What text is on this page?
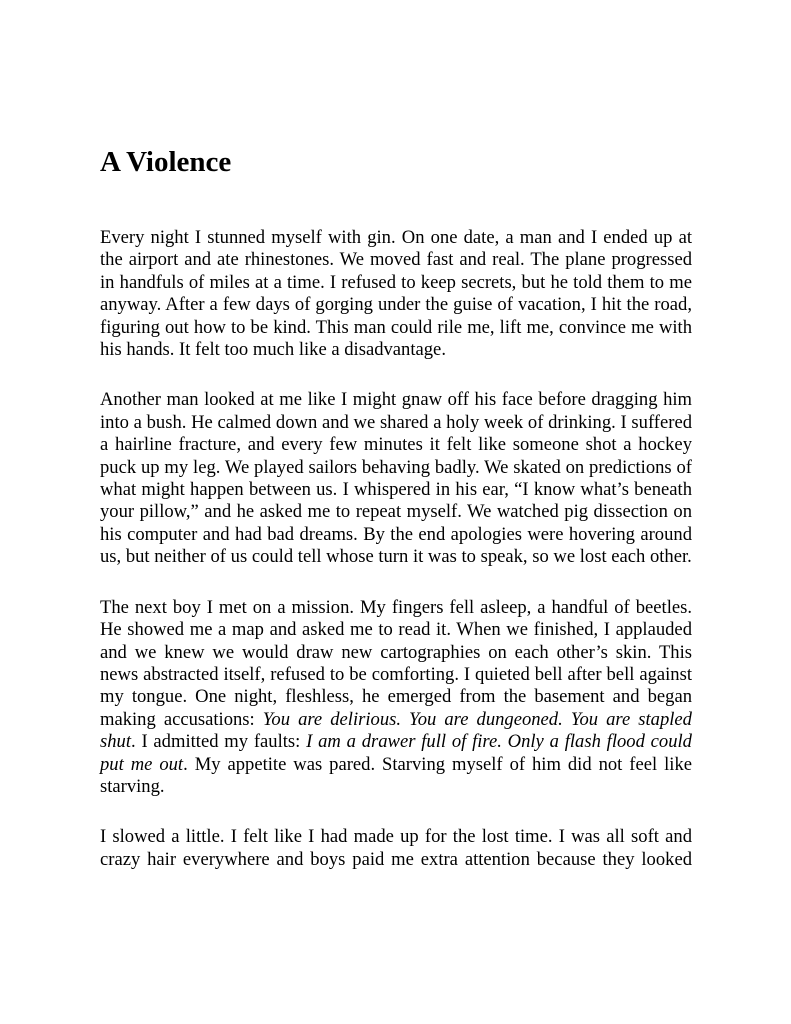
A Violence

Every night I stunned myself with gin. On one date, a man and I ended up at the airport and ate rhinestones. We moved fast and real. The plane progressed in handfuls of miles at a time. I refused to keep secrets, but he told them to me anyway. After a few days of gorging under the guise of vacation, I hit the road, figuring out how to be kind. This man could rile me, lift me, convince me with his hands. It felt too much like a disadvantage.

Another man looked at me like I might gnaw off his face before dragging him into a bush. He calmed down and we shared a holy week of drinking. I suffered a hairline fracture, and every few minutes it felt like someone shot a hockey puck up my leg. We played sailors behaving badly. We skated on predictions of what might happen between us. I whispered in his ear, “I know what’s beneath your pillow,” and he asked me to repeat myself. We watched pig dissection on his computer and had bad dreams. By the end apologies were hovering around us, but neither of us could tell whose turn it was to speak, so we lost each other.

The next boy I met on a mission. My fingers fell asleep, a handful of beetles. He showed me a map and asked me to read it. When we finished, I applauded and we knew we would draw new cartographies on each other’s skin. This news abstracted itself, refused to be comforting. I quieted bell after bell against my tongue. One night, fleshless, he emerged from the basement and began making accusations: You are delirious. You are dungeoned. You are stapled shut. I admitted my faults: I am a drawer full of fire. Only a flash flood could put me out. My appetite was pared. Starving myself of him did not feel like starving.

I slowed a little. I felt like I had made up for the lost time. I was all soft and crazy hair everywhere and boys paid me extra attention because they looked
